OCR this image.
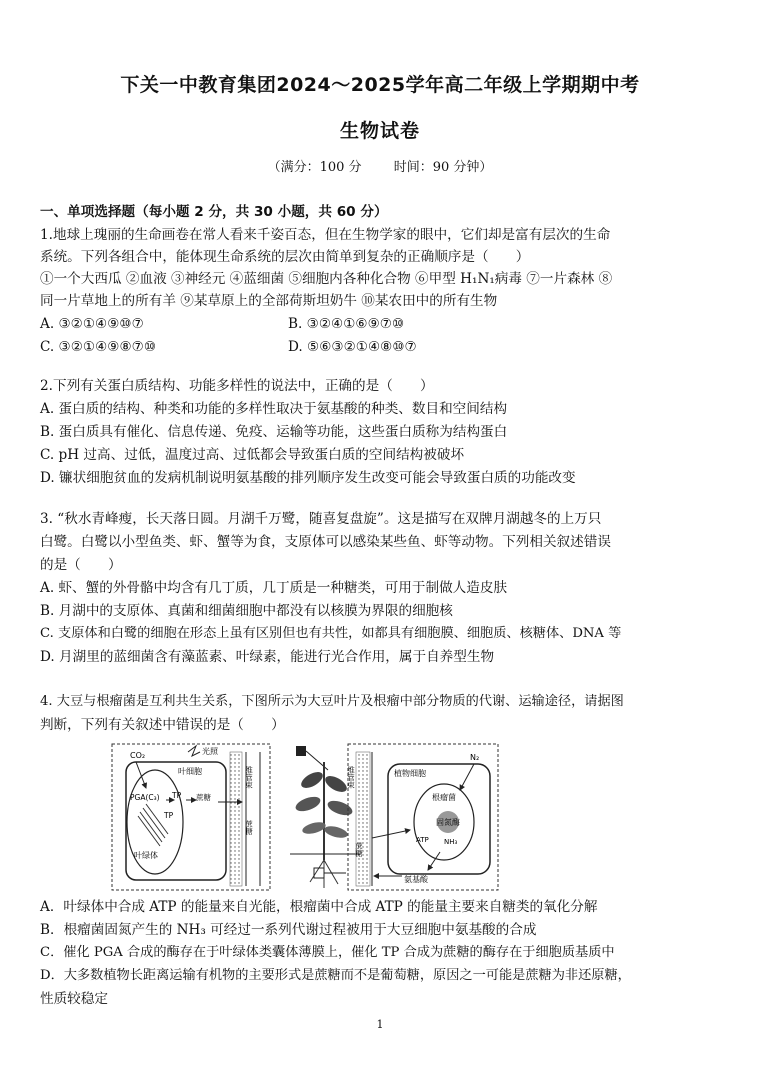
下关一中教育集团2024～2025学年高二年级上学期期中考
生物试卷
（满分：100 分 时间：90 分钟）
一、单项选择题（每小题 2 分，共 30 小题，共 60 分）
1.地球上瑰丽的生命画卷在常人看来千姿百态，但在生物学家的眼中，它们却是富有层次的生命
系统。下列各组合中，能体现生命系统的层次由简单到复杂的正确顺序是（　　）
①一个大西瓜 ②血液 ③神经元 ④蓝细菌 ⑤细胞内各种化合物 ⑥甲型 H₁N₁病毒 ⑦一片森林 ⑧
同一片草地上的所有羊 ⑨某草原上的全部荷斯坦奶牛 ⑩某农田中的所有生物
A. ③②①④⑨⑩⑦	B. ③②④①⑥⑨⑦⑩
C. ③②①④⑨⑧⑦⑩	D. ⑤⑥③②①④⑧⑩⑦
2.下列有关蛋白质结构、功能多样性的说法中，正确的是（　　）
A. 蛋白质的结构、种类和功能的多样性取决于氨基酸的种类、数目和空间结构
B. 蛋白质具有催化、信息传递、免疫、运输等功能，这些蛋白质称为结构蛋白
C. pH 过高、过低，温度过高、过低都会导致蛋白质的空间结构被破坏
D. 镰状细胞贫血的发病机制说明氨基酸的排列顺序发生改变可能会导致蛋白质的功能改变
3. “秋水青峰瘦，长天落日圆。月湖千万鹭，随喜复盘旋”。这是描写在双牌月湖越冬的上万只
白鹭。白鹭以小型鱼类、虾、蟹等为食，支原体可以感染某些鱼、虾等动物。下列相关叙述错误
的是（　　）
A. 虾、蟹的外骨骼中均含有几丁质，几丁质是一种糖类，可用于制做人造皮肤
B. 月湖中的支原体、真菌和细菌细胞中都没有以核膜为界限的细胞核
C. 支原体和白鹭的细胞在形态上虽有区别但也有共性，如都具有细胞膜、细胞质、核糖体、DNA 等
D. 月湖里的蓝细菌含有藻蓝素、叶绿素，能进行光合作用，属于自养型生物
4. 大豆与根瘤菌是互利共生关系，下图所示为大豆叶片及根瘤中部分物质的代谢、运输途径，请据图
判断，下列有关叙述中错误的是（　　）
CO₂	光照
叶细胞
PGA(C₃) TP
TP
蔗糖
叶绿体
维管束
蔗糖
维管束	植物细胞
N₂
根瘤菌
固氮酶
ATP NH₃
蔗糖
氨基酸
A．叶绿体中合成 ATP 的能量来自光能，根瘤菌中合成 ATP 的能量主要来自糖类的氧化分解
B．根瘤菌固氮产生的 NH₃ 可经过一系列代谢过程被用于大豆细胞中氨基酸的合成
C．催化 PGA 合成的酶存在于叶绿体类囊体薄膜上，催化 TP 合成为蔗糖的酶存在于细胞质基质中
D．大多数植物长距离运输有机物的主要形式是蔗糖而不是葡萄糖，原因之一可能是蔗糖为非还原糖，
性质较稳定
1
